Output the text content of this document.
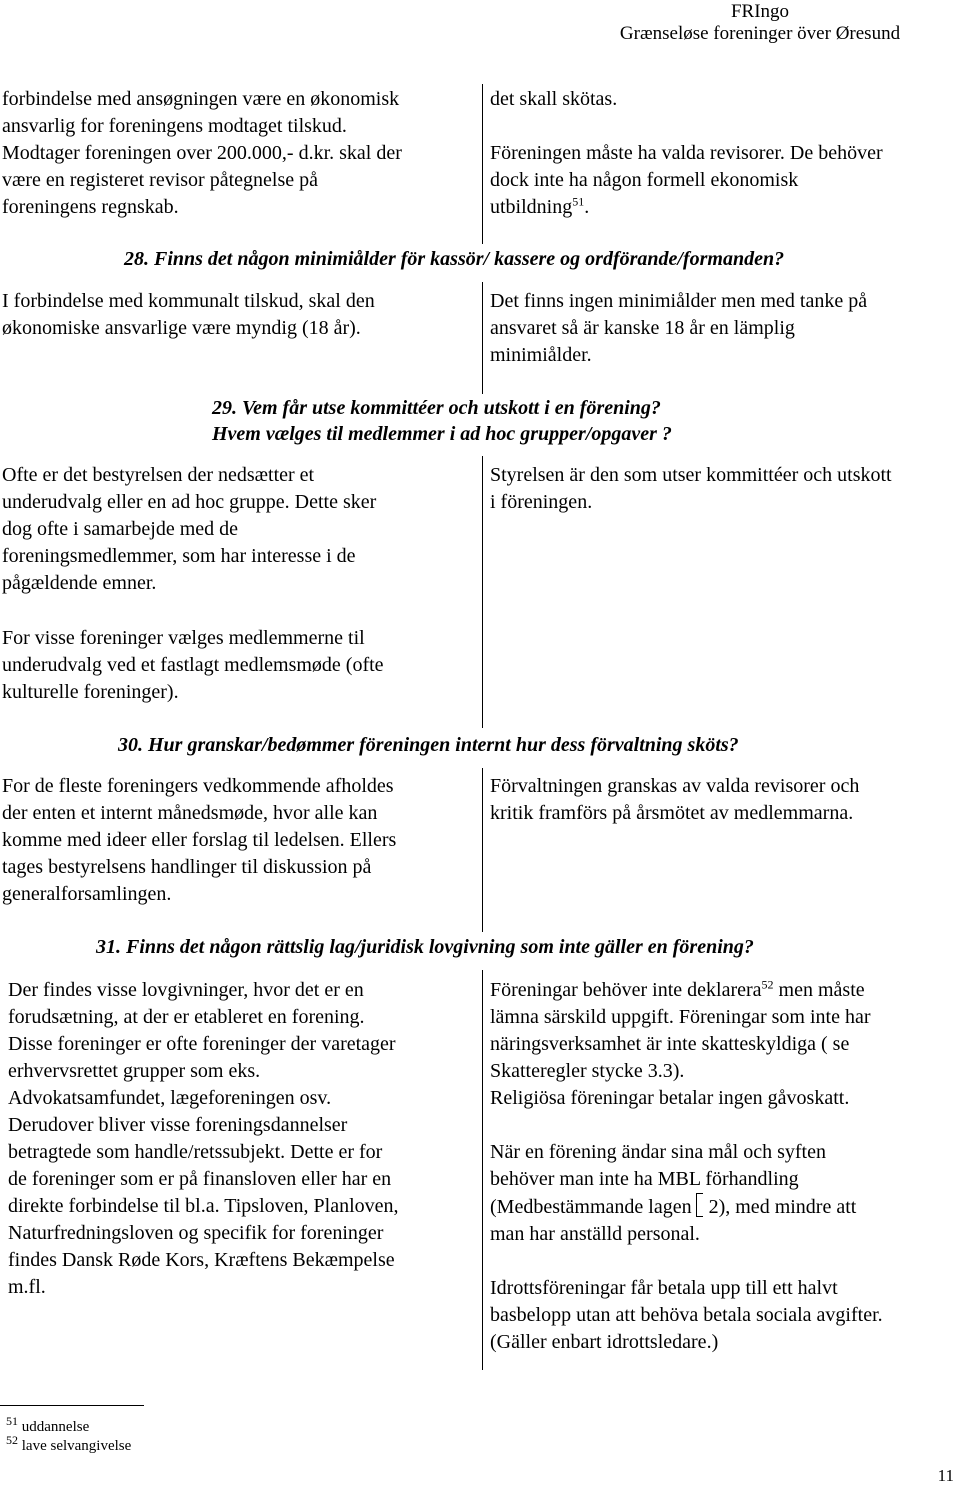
FRIngo
Grænseløse foreninger över Øresund
forbindelse med ansøgningen være en økonomisk
ansvarlig for foreningens modtaget tilskud.
Modtager foreningen over 200.000,- d.kr. skal der
være en registeret revisor påtegnelse på
foreningens regnskab.
det skall skötas.
Föreningen måste ha valda revisorer. De behöver
dock inte ha någon formell ekonomisk
utbildning$^{51}$.
28. Finns det någon minimiålder för kassör/ kassere og ordförande/formanden?
I forbindelse med kommunalt tilskud, skal den
økonomiske ansvarlige være myndig (18 år).
Det finns ingen minimiålder men med tanke på
ansvaret så är kanske 18 år en lämplig
minimiålder.
29. Vem får utse kommittéer och utskott i en förening?
Hvem vælges til medlemmer i ad hoc grupper/opgaver ?
Ofte er det bestyrelsen der nedsætter et
underudvalg eller en ad hoc gruppe. Dette sker
dog ofte i samarbejde med de
foreningsmedlemmer, som har interesse i de
pågældende emner.
For visse foreninger vælges medlemmerne til
underudvalg ved et fastlagt medlemsmøde (ofte
kulturelle foreninger).
Styrelsen är den som utser kommittéer och utskott
i föreningen.
30. Hur granskar/bedømmer föreningen internt hur dess förvaltning sköts?
For de fleste foreningers vedkommende afholdes
der enten et internt månedsmøde, hvor alle kan
komme med ideer eller forslag til ledelsen. Ellers
tages bestyrelsens handlinger til diskussion på
generalforsamlingen.
Förvaltningen granskas av valda revisorer och
kritik framförs på årsmötet av medlemmarna.
31. Finns det någon rättslig lag/juridisk lovgivning som inte gäller en förening?
Der findes visse lovgivninger, hvor det er en
forudsætning, at der er etableret en forening.
Disse foreninger er ofte foreninger der varetager
erhvervsrettet grupper som eks.
Advokatsamfundet, lægeforeningen osv.
Derudover bliver visse foreningsdannelser
betragtede som handle/retssubjekt. Dette er for
de foreninger som er på finansloven eller har en
direkte forbindelse til bl.a. Tipsloven, Planloven,
Naturfredningsloven og specifik for foreninger
findes Dansk Røde Kors, Kræftens Bekæmpelse
m.fl.
Föreningar behöver inte deklarera$^{52}$ men måste
lämna särskild uppgift. Föreningar som inte har
näringsverksamhet är inte skatteskyldiga ( se
Skatteregler stycke 3.3).
Religiösa föreningar betalar ingen gåvoskatt.
När en förening ändar sina mål och syften
behöver man inte ha MBL förhandling
(Medbestämmande lagen 2), med mindre att
man har anställd personal.
Idrottsföreningar får betala upp till ett halvt
basbelopp utan att behöva betala sociala avgifter.
(Gäller enbart idrottsledare.)
$^{51}$ uddannelse
$^{52}$ lave selvangivelse
11
